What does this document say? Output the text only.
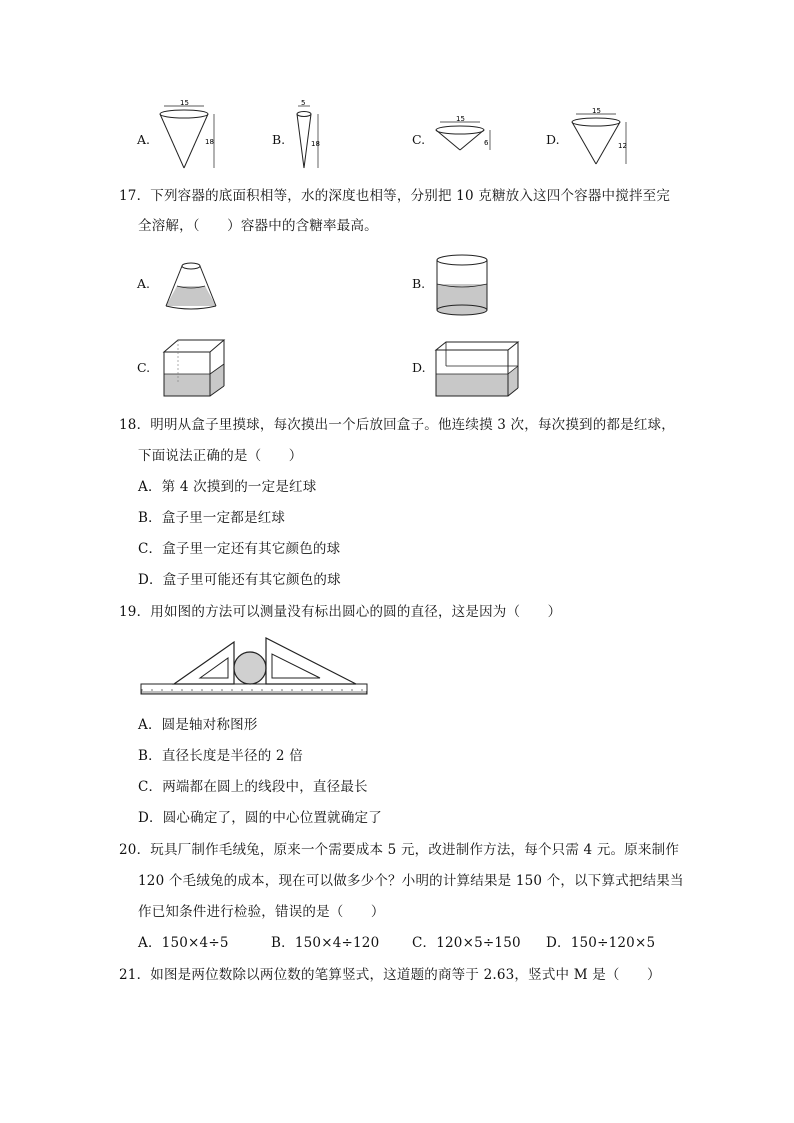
A.
15
18	B.
5
18	C.
15
6	D.
15
12
17．下列容器的底面积相等，水的深度也相等，分别把 10 克糖放入这四个容器中搅拌至完
全溶解，（　　）容器中的含糖率最高。
A.	B.
C.	D.
18．明明从盒子里摸球，每次摸出一个后放回盒子。他连续摸 3 次，每次摸到的都是红球，
下面说法正确的是（　　）
A．第 4 次摸到的一定是红球
B．盒子里一定都是红球
C．盒子里一定还有其它颜色的球
D．盒子里可能还有其它颜色的球
19．用如图的方法可以测量没有标出圆心的圆的直径，这是因为（　　）
A．圆是轴对称图形
B．直径长度是半径的 2 倍
C．两端都在圆上的线段中，直径最长
D．圆心确定了，圆的中心位置就确定了
20．玩具厂制作毛绒兔，原来一个需要成本 5 元，改进制作方法，每个只需 4 元。原来制作
120 个毛绒兔的成本，现在可以做多少个？小明的计算结果是 150 个，以下算式把结果当
作已知条件进行检验，错误的是（　　）
A．150×4÷5	B．150×4÷120 C．120×5÷150 D．150÷120×5
21．如图是两位数除以两位数的笔算竖式，这道题的商等于 2.63，竖式中 M 是（　　）
